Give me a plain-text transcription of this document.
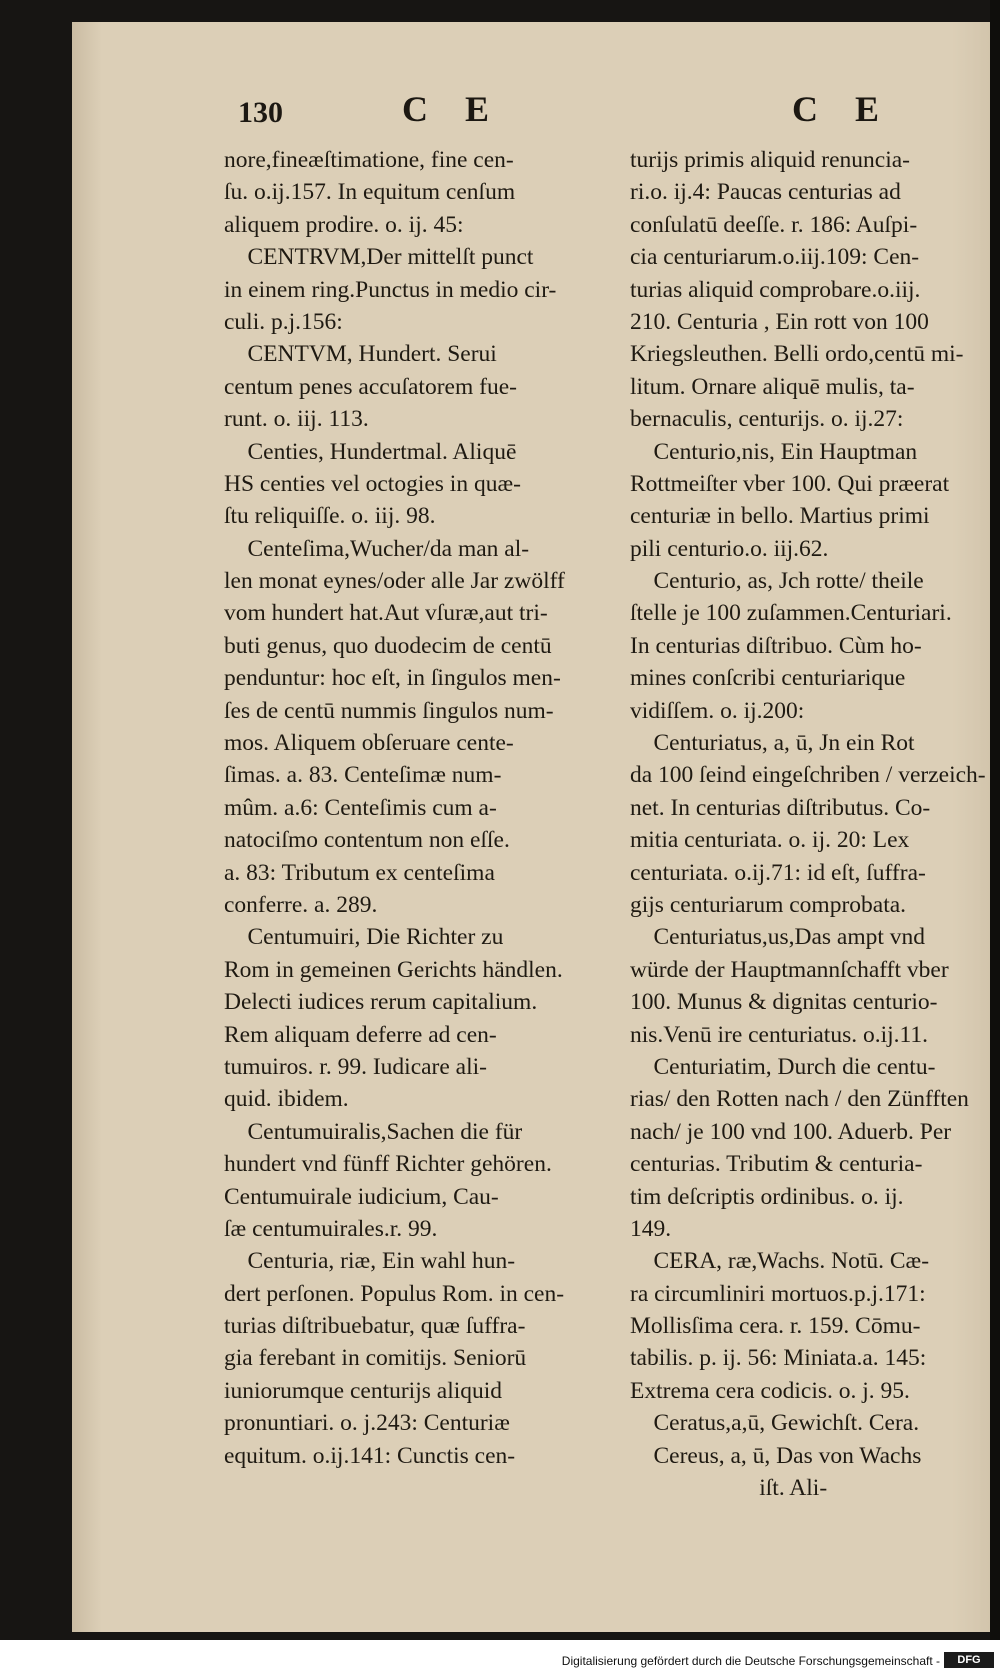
130	C E	C E
nore,fineæſtimatione, fine cen-
ſu. o.ij.157. In equitum cenſum
aliquem prodire. o. ij. 45:
CENTRVM,Der mittelſt punct
in einem ring.Punctus in medio cir-
culi. p.j.156:
CENTVM, Hundert. Serui
centum penes accuſatorem fue-
runt. o. iij. 113.
Centies, Hundertmal. Aliquē
HS centies vel octogies in quæ-
ſtu reliquiſſe. o. iij. 98.
Centeſima,Wucher/da man al-
len monat eynes/oder alle Jar zwölff
vom hundert hat.Aut vſuræ,aut tri-
buti genus, quo duodecim de centū
penduntur: hoc eſt, in ſingulos men-
ſes de centū nummis ſingulos num-
mos. Aliquem obſeruare cente-
ſimas. a. 83. Centeſimæ num-
mûm. a.6: Centeſimis cum a-
natociſmo contentum non eſſe.
a. 83: Tributum ex centeſima
conferre. a. 289.
Centumuiri, Die Richter zu
Rom in gemeinen Gerichts händlen.
Delecti iudices rerum capitalium.
Rem aliquam deferre ad cen-
tumuiros. r. 99. Iudicare ali-
quid. ibidem.
Centumuiralis,Sachen die für
hundert vnd fünff Richter gehören.
Centumuirale iudicium, Cau-
ſæ centumuirales.r. 99.
Centuria, riæ, Ein wahl hun-
dert perſonen. Populus Rom. in cen-
turias diſtribuebatur, quæ ſuffra-
gia ferebant in comitijs. Seniorū
iuniorumque centurijs aliquid
pronuntiari. o. j.243: Centuriæ
equitum. o.ij.141: Cunctis cen-
turijs primis aliquid renuncia-
ri.o. ij.4: Paucas centurias ad
conſulatū deeſſe. r. 186: Auſpi-
cia centuriarum.o.iij.109: Cen-
turias aliquid comprobare.o.iij.
210. Centuria , Ein rott von 100
Kriegsleuthen. Belli ordo,centū mi-
litum. Ornare aliquē mulis, ta-
bernaculis, centurijs. o. ij.27:
Centurio,nis, Ein Hauptman
Rottmeiſter vber 100. Qui præerat
centuriæ in bello. Martius primi
pili centurio.o. iij.62.
Centurio, as, Jch rotte/ theile
ſtelle je 100 zuſammen.Centuriari.
In centurias diſtribuo. Cùm ho-
mines conſcribi centuriarique
vidiſſem. o. ij.200:
Centuriatus, a, ū, Jn ein Rot
da 100 ſeind eingeſchriben / verzeich-
net. In centurias diſtributus. Co-
mitia centuriata. o. ij. 20: Lex
centuriata. o.ij.71: id eſt, ſuffra-
gijs centuriarum comprobata.
Centuriatus,us,Das ampt vnd
würde der Hauptmannſchafft vber
100. Munus & dignitas centurio-
nis.Venū ire centuriatus. o.ij.11.
Centuriatim, Durch die centu-
rias/ den Rotten nach / den Zünfften
nach/ je 100 vnd 100. Aduerb. Per
centurias. Tributim & centuria-
tim deſcriptis ordinibus. o. ij.
149.
CERA, ræ,Wachs. Notū. Cæ-
ra circumliniri mortuos.p.j.171:
Mollisſima cera. r. 159. Cōmu-
tabilis. p. ij. 56: Miniata.a. 145:
Extrema cera codicis. o. j. 95.
Ceratus,a,ū, Gewichſt. Cera.
Cereus, a, ū, Das von Wachs
iſt. Ali-
Digitalisierung gefördert durch die Deutsche Forschungsgemeinschaft -	DFG
